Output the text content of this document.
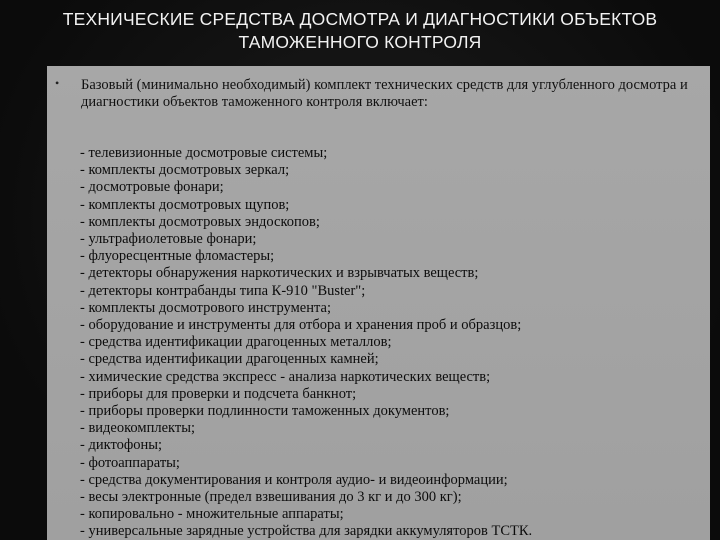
ТЕХНИЧЕСКИЕ СРЕДСТВА ДОСМОТРА И ДИАГНОСТИКИ ОБЪЕКТОВ
ТАМОЖЕННОГО КОНТРОЛЯ
• Базовый (минимально необходимый) комплект технических средств для углубленного досмотра и диагностики объектов таможенного контроля включает:
- телевизионные досмотровые системы;
- комплекты досмотровых зеркал;
- досмотровые фонари;
- комплекты досмотровых щупов;
- комплекты досмотровых эндоскопов;
- ультрафиолетовые фонари;
- флуоресцентные фломастеры;
- детекторы обнаружения наркотических и взрывчатых веществ;
- детекторы контрабанды типа К-910 "Buster";
- комплекты досмотрового инструмента;
- оборудование и инструменты для отбора и хранения проб и образцов;
- средства идентификации драгоценных металлов;
- средства идентификации драгоценных камней;
- химические средства экспресс - анализа наркотических веществ;
- приборы для проверки и подсчета банкнот;
- приборы проверки подлинности таможенных документов;
- видеокомплекты;
- диктофоны;
- фотоаппараты;
- средства документирования и контроля аудио- и видеоинформации;
- весы электронные (предел взвешивания до 3 кг и до 300 кг);
- копировально - множительные аппараты;
- универсальные зарядные устройства для зарядки аккумуляторов ТСТК.
